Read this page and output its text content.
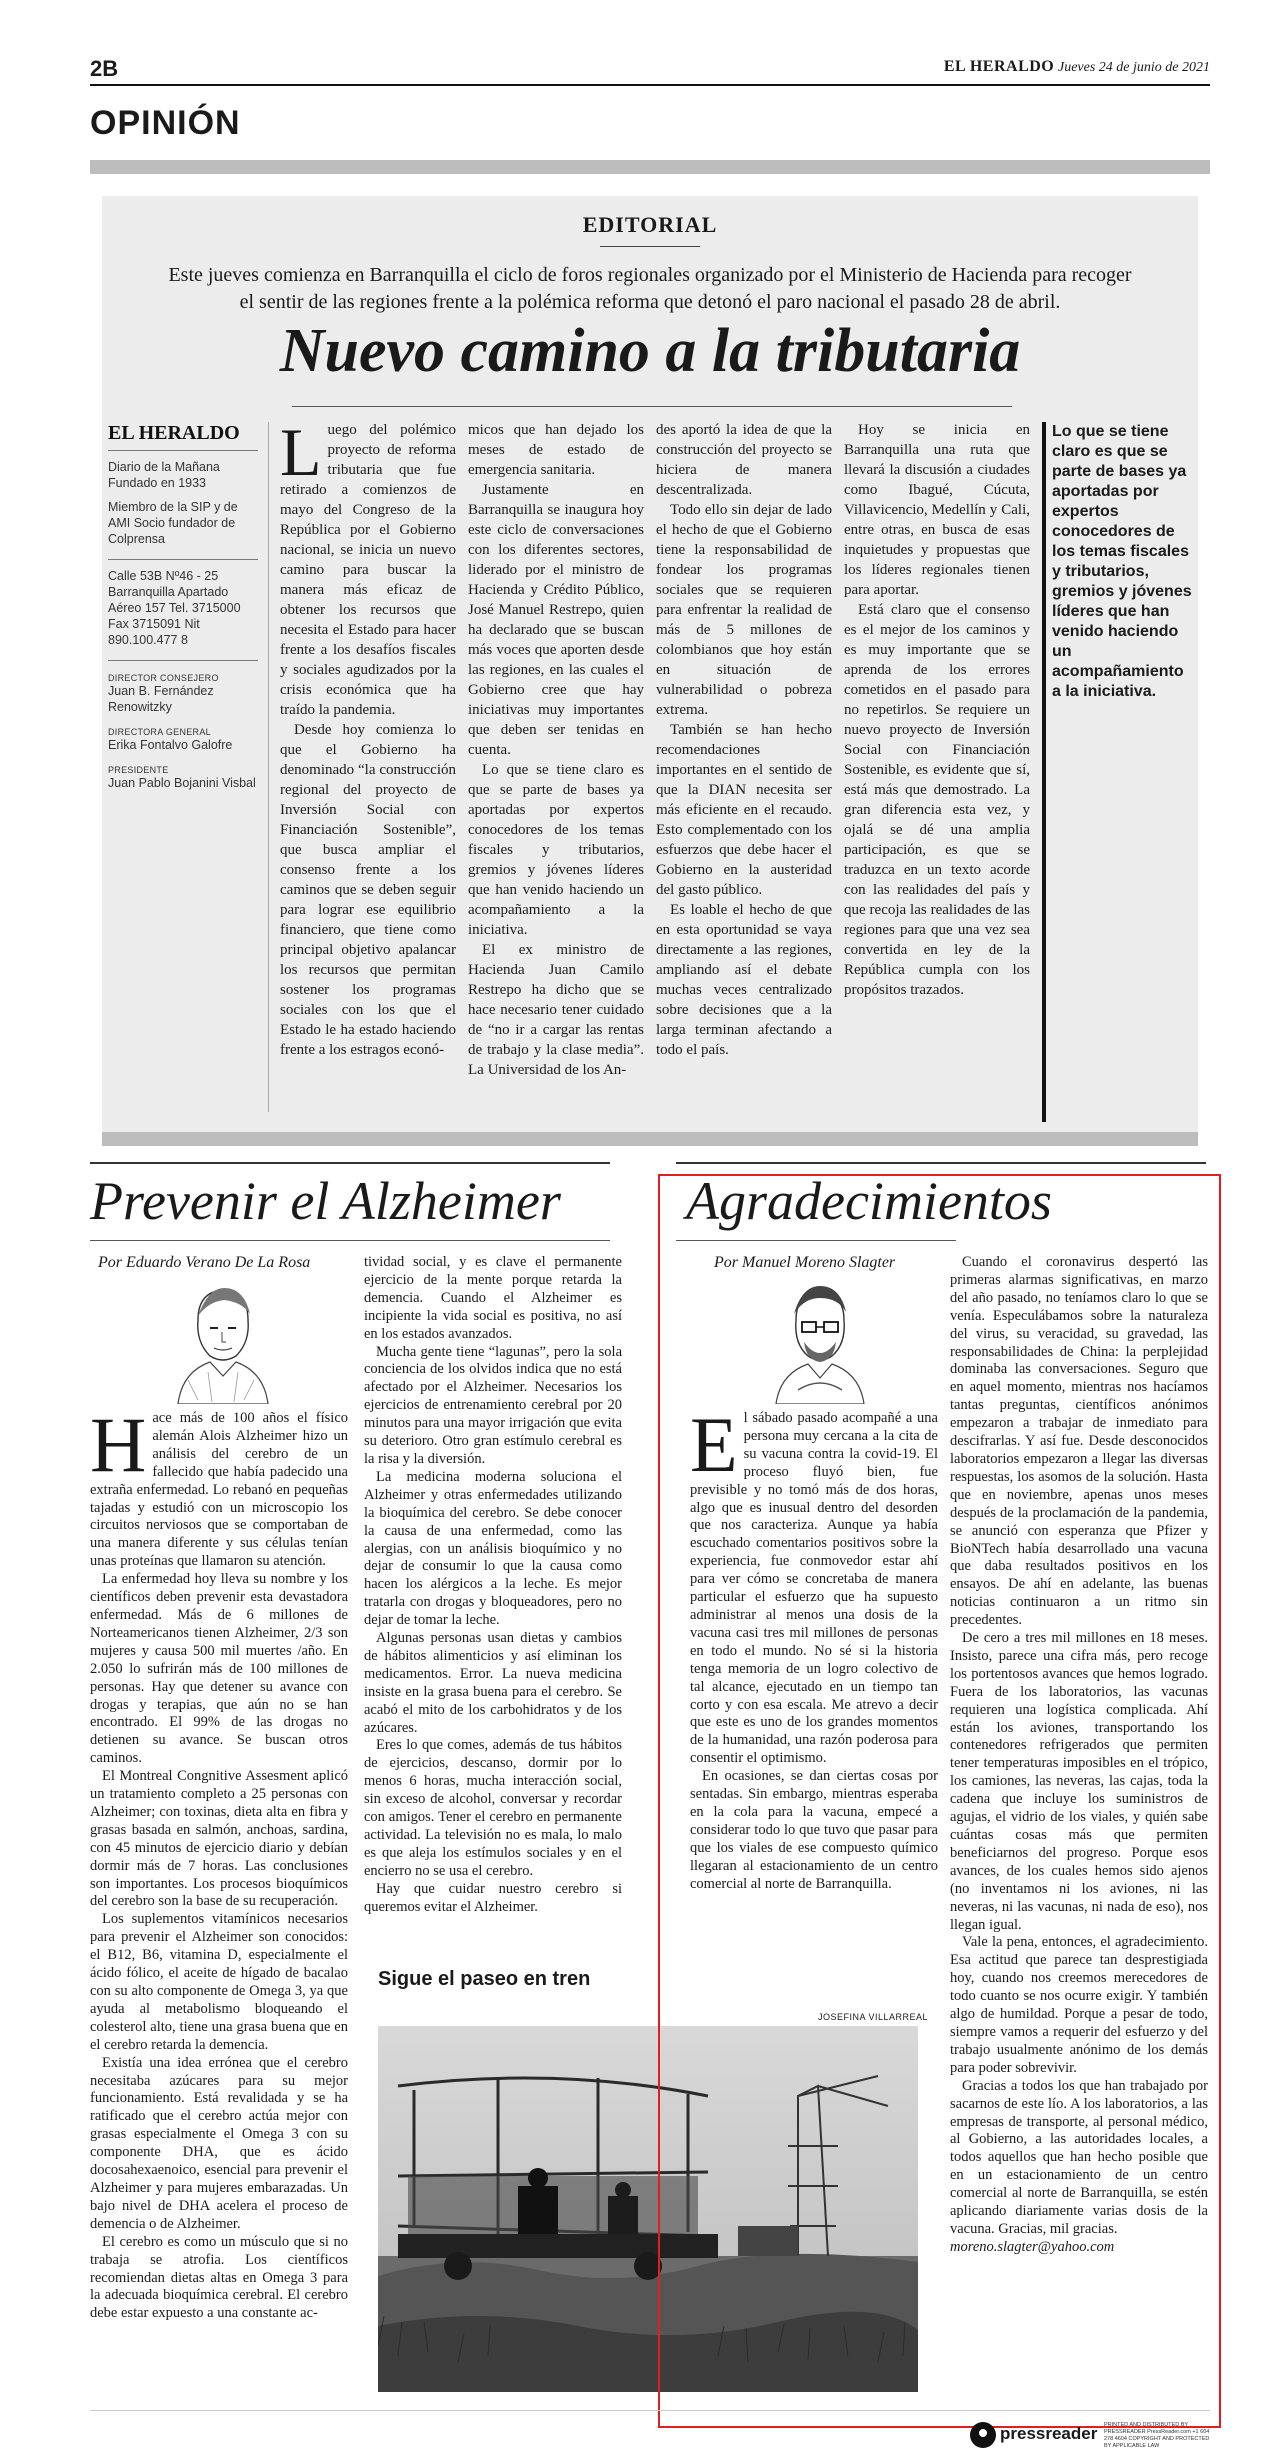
2B	EL HERALDO Jueves 24 de junio de 2021
OPINIÓN
EDITORIAL
Este jueves comienza en Barranquilla el ciclo de foros regionales organizado por el Ministerio de Hacienda para recoger el sentir de las regiones frente a la polémica reforma que detonó el paro nacional el pasado 28 de abril.
Nuevo camino a la tributaria
EL HERALDO
Diario de la Mañana Fundado en 1933
Miembro de la SIP y de AMI Socio fundador de Colprensa
Calle 53B Nº46 - 25 Barranquilla Apartado Aéreo 157 Tel. 3715000 Fax 3715091 Nit 890.100.477 8
DIRECTOR CONSEJERO
Juan B. Fernández Renowitzky
DIRECTORA GENERAL
Erika Fontalvo Galofre
PRESIDENTE
Juan Pablo Bojanini Visbal
L uego del polémico proyecto de reforma tributaria que fue retirado a comienzos de mayo del Congreso de la República por el Gobierno nacional, se inicia un nuevo camino para buscar la manera más eficaz de obtener los recursos que necesita el Estado para hacer frente a los desafíos fiscales y sociales agudizados por la crisis económica que ha traído la pandemia.

Desde hoy comienza lo que el Gobierno ha denominado “la construcción regional del proyecto de Inversión Social con Financiación Sostenible”, que busca ampliar el consenso frente a los caminos que se deben seguir para lograr ese equilibrio financiero, que tiene como principal objetivo apalancar los recursos que permitan sostener los programas sociales con los que el Estado le ha estado haciendo frente a los estragos econó-

micos que han dejado los meses de estado de emergencia sanitaria.

Justamente en Barranquilla se inaugura hoy este ciclo de conversaciones con los diferentes sectores, liderado por el ministro de Hacienda y Crédito Público, José Manuel Restrepo, quien ha declarado que se buscan más voces que aporten desde las regiones, en las cuales el Gobierno cree que hay iniciativas muy importantes que deben ser tenidas en cuenta.

Lo que se tiene claro es que se parte de bases ya aportadas por expertos conocedores de los temas fiscales y tributarios, gremios y jóvenes líderes que han venido haciendo un acompañamiento a la iniciativa.

El ex ministro de Hacienda Juan Camilo Restrepo ha dicho que se hace necesario tener cuidado de “no ir a cargar las rentas de trabajo y la clase media”. La Universidad de los An-

des aportó la idea de que la construcción del proyecto se hiciera de manera descentralizada.

Todo ello sin dejar de lado el hecho de que el Gobierno tiene la responsabilidad de fondear los programas sociales que se requieren para enfrentar la realidad de más de 5 millones de colombianos que hoy están en situación de vulnerabilidad o pobreza extrema.

También se han hecho recomendaciones importantes en el sentido de que la DIAN necesita ser más eficiente en el recaudo. Esto complementado con los esfuerzos que debe hacer el Gobierno en la austeridad del gasto público.

Es loable el hecho de que en esta oportunidad se vaya directamente a las regiones, ampliando así el debate muchas veces centralizado sobre decisiones que a la larga terminan afectando a todo el país.

Hoy se inicia en Barranquilla una ruta que llevará la discusión a ciudades como Ibagué, Cúcuta, Villavicencio, Medellín y Cali, entre otras, en busca de esas inquietudes y propuestas que los líderes regionales tienen para aportar.

Está claro que el consenso es el mejor de los caminos y es muy importante que se aprenda de los errores cometidos en el pasado para no repetirlos. Se requiere un nuevo proyecto de Inversión Social con Financiación Sostenible, es evidente que sí, está más que demostrado. La gran diferencia esta vez, y ojalá se dé una amplia participación, es que se traduzca en un texto acorde con las realidades del país y que recoja las realidades de las regiones para que una vez sea convertida en ley de la República cumpla con los propósitos trazados.

Lo que se tiene claro es que se parte de bases ya aportadas por expertos conocedores de los temas fiscales y tributarios, gremios y jóvenes líderes que han venido haciendo un acompañamiento a la iniciativa.
Prevenir el Alzheimer
Por Eduardo Verano De La Rosa
H ace más de 100 años el físico alemán Alois Alzheimer hizo un análisis del cerebro de un fallecido que había padecido una extraña enfermedad. Lo rebanó en pequeñas tajadas y estudió con un microscopio los circuitos nerviosos que se comportaban de una manera diferente y sus células tenían unas proteínas que llamaron su atención.

La enfermedad hoy lleva su nombre y los científicos deben prevenir esta devastadora enfermedad. Más de 6 millones de Norteamericanos tienen Alzheimer, 2/3 son mujeres y causa 500 mil muertes /año. En 2.050 lo sufrirán más de 100 millones de personas. Hay que detener su avance con drogas y terapias, que aún no se han encontrado. El 99% de las drogas no detienen su avance. Se buscan otros caminos.

El Montreal Congnitive Assesment aplicó un tratamiento completo a 25 personas con Alzheimer; con toxinas, dieta alta en fibra y grasas basada en salmón, anchoas, sardina, con 45 minutos de ejercicio diario y debían dormir más de 7 horas. Las conclusiones son importantes. Los procesos bioquímicos del cerebro son la base de su recuperación.

Los suplementos vitamínicos necesarios para prevenir el Alzheimer son conocidos: el B12, B6, vitamina D, especialmente el ácido fólico, el aceite de hígado de bacalao con su alto componente de Omega 3, ya que ayuda al metabolismo bloqueando el colesterol alto, tiene una grasa buena que en el cerebro retarda la demencia.

Existía una idea errónea que el cerebro necesitaba azúcares para su mejor funcionamiento. Está revalidada y se ha ratificado que el cerebro actúa mejor con grasas especialmente el Omega 3 con su componente DHA, que es ácido docosahexaenoico, esencial para prevenir el Alzheimer y para mujeres embarazadas. Un bajo nivel de DHA acelera el proceso de demencia o de Alzheimer.

El cerebro es como un músculo que si no trabaja se atrofia. Los científicos recomiendan dietas altas en Omega 3 para la adecuada bioquímica cerebral. El cerebro debe estar expuesto a una constante ac-

tividad social, y es clave el permanente ejercicio de la mente porque retarda la demencia. Cuando el Alzheimer es incipiente la vida social es positiva, no así en los estados avanzados.

Mucha gente tiene “lagunas”, pero la sola conciencia de los olvidos indica que no está afectado por el Alzheimer. Necesarios los ejercicios de entrenamiento cerebral por 20 minutos para una mayor irrigación que evita su deterioro. Otro gran estímulo cerebral es la risa y la diversión.

La medicina moderna soluciona el Alzheimer y otras enfermedades utilizando la bioquímica del cerebro. Se debe conocer la causa de una enfermedad, como las alergias, con un análisis bioquímico y no dejar de consumir lo que la causa como hacen los alérgicos a la leche. Es mejor tratarla con drogas y bloqueadores, pero no dejar de tomar la leche.

Algunas personas usan dietas y cambios de hábitos alimenticios y así eliminan los medicamentos. Error. La nueva medicina insiste en la grasa buena para el cerebro. Se acabó el mito de los carbohidratos y de los azúcares.

Eres lo que comes, además de tus hábitos de ejercicios, descanso, dormir por lo menos 6 horas, mucha interacción social, sin exceso de alcohol, conversar y recordar con amigos. Tener el cerebro en permanente actividad. La televisión no es mala, lo malo es que aleja los estímulos sociales y en el encierro no se usa el cerebro.

Hay que cuidar nuestro cerebro si queremos evitar el Alzheimer.

Sigue el paseo en tren
JOSEFINA VILLARREAL
Agradecimientos
Por Manuel Moreno Slagter
E l sábado pasado acompañé a una persona muy cercana a la cita de su vacuna contra la covid-19. El proceso fluyó bien, fue previsible y no tomó más de dos horas, algo que es inusual dentro del desorden que nos caracteriza. Aunque ya había escuchado comentarios positivos sobre la experiencia, fue conmovedor estar ahí para ver cómo se concretaba de manera particular el esfuerzo que ha supuesto administrar al menos una dosis de la vacuna casi tres mil millones de personas en todo el mundo. No sé si la historia tenga memoria de un logro colectivo de tal alcance, ejecutado en un tiempo tan corto y con esa escala. Me atrevo a decir que este es uno de los grandes momentos de la humanidad, una razón poderosa para consentir el optimismo.

En ocasiones, se dan ciertas cosas por sentadas. Sin embargo, mientras esperaba en la cola para la vacuna, empecé a considerar todo lo que tuvo que pasar para que los viales de ese compuesto químico llegaran al estacionamiento de un centro comercial al norte de Barranquilla.

Cuando el coronavirus despertó las primeras alarmas significativas, en marzo del año pasado, no teníamos claro lo que se venía. Especulábamos sobre la naturaleza del virus, su veracidad, su gravedad, las responsabilidades de China: la perplejidad dominaba las conversaciones. Seguro que en aquel momento, mientras nos hacíamos tantas preguntas, científicos anónimos empezaron a trabajar de inmediato para descifrarlas. Y así fue. Desde desconocidos laboratorios empezaron a llegar las diversas respuestas, los asomos de la solución. Hasta que en noviembre, apenas unos meses después de la proclamación de la pandemia, se anunció con esperanza que Pfizer y BioNTech había desarrollado una vacuna que daba resultados positivos en los ensayos. De ahí en adelante, las buenas noticias continuaron a un ritmo sin precedentes.

De cero a tres mil millones en 18 meses. Insisto, parece una cifra más, pero recoge los portentosos avances que hemos logrado. Fuera de los laboratorios, las vacunas requieren una logística complicada. Ahí están los aviones, transportando los contenedores refrigerados que permiten tener temperaturas imposibles en el trópico, los camiones, las neveras, las cajas, toda la cadena que incluye los suministros de agujas, el vidrio de los viales, y quién sabe cuántas cosas más que permiten beneficiarnos del progreso. Porque esos avances, de los cuales hemos sido ajenos (no inventamos ni los aviones, ni las neveras, ni las vacunas, ni nada de eso), nos llegan igual.

Vale la pena, entonces, el agradecimiento. Esa actitud que parece tan desprestigiada hoy, cuando nos creemos merecedores de todo cuanto se nos ocurre exigir. Y también algo de humildad. Porque a pesar de todo, siempre vamos a requerir del esfuerzo y del trabajo usualmente anónimo de los demás para poder sobrevivir.

Gracias a todos los que han trabajado por sacarnos de este lío. A los laboratorios, a las empresas de transporte, al personal médico, al Gobierno, a las autoridades locales, a todos aquellos que han hecho posible que en un estacionamiento de un centro comercial al norte de Barranquilla, se estén aplicando diariamente varias dosis de la vacuna. Gracias, mil gracias.

moreno.slagter@yahoo.com

pressreader PRINTED AND DISTRIBUTED BY PRESSREADER PressReader.com +1 604 278 4604 COPYRIGHT AND PROTECTED BY APPLICABLE LAW
